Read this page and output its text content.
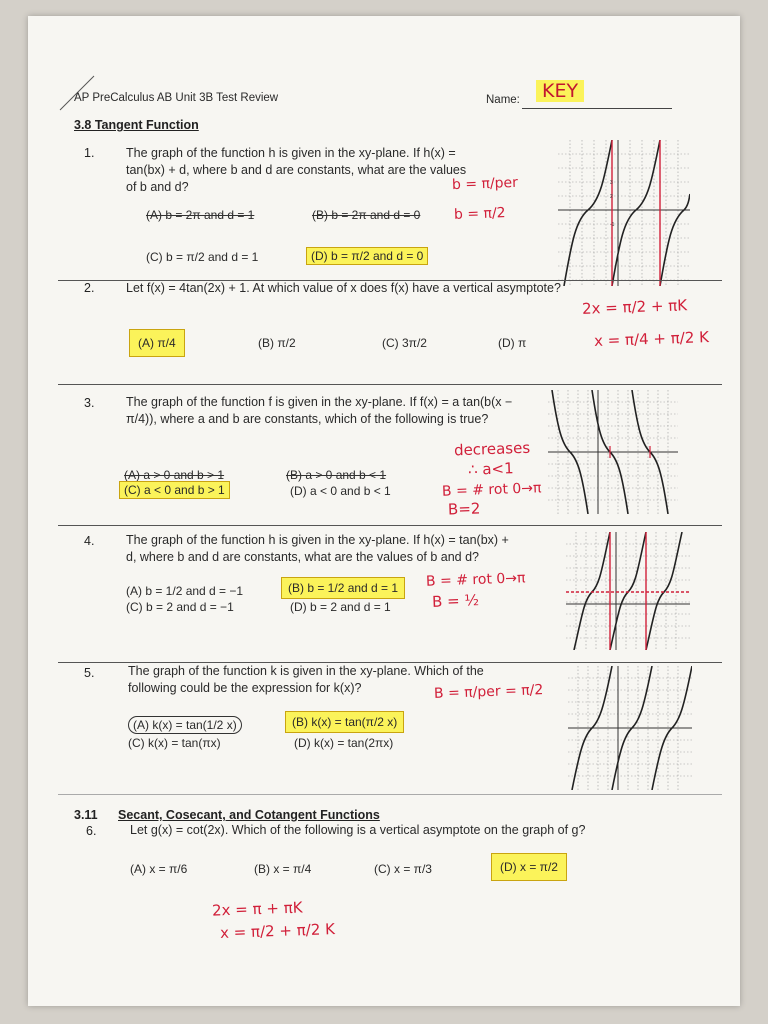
AP PreCalculus AB Unit 3B Test Review	Name:	KEY
3.8 Tangent Function
1.	The graph of the function h is given in the xy-plane. If h(x) = tan(bx) + d, where b and d are constants, what are the values of b and d?
(A) b = 2π and d = 1	(B) b = 2π and d = 0
(C) b = π/2 and d = 1	(D) b = π/2 and d = 0
b = π/per
b = π/2
3
2
-1
2.	Let f(x) = 4tan(2x) + 1. At which value of x does f(x) have a vertical asymptote?
(A) π/4	(B) π/2	(C) 3π/2	(D) π
2x = π/2 + πK
x = π/4 + π/2 K
3.	The graph of the function f is given in the xy-plane. If f(x) = a tan(b(x − π/4)), where a and b are constants, which of the following is true?
(A) a > 0 and b > 1	(B) a > 0 and b < 1
(C) a < 0 and b > 1	(D) a < 0 and b < 1
decreases
∴ a<1
B = # rot 0→π
B=2
4.	The graph of the function h is given in the xy-plane. If h(x) = tan(bx) + d, where b and d are constants, what are the values of b and d?
(A) b = 1/2 and d = −1	(B) b = 1/2 and d = 1
(C) b = 2 and d = −1	(D) b = 2 and d = 1
B = # rot 0→π
B = ½
5.	The graph of the function k is given in the xy-plane. Which of the following could be the expression for k(x)?
(A) k(x) = tan(1/2 x)	(B) k(x) = tan(π/2 x)
(C) k(x) = tan(πx)	(D) k(x) = tan(2πx)
B = π/per = π/2
3.11 Secant, Cosecant, and Cotangent Functions
6.	Let g(x) = cot(2x). Which of the following is a vertical asymptote on the graph of g?
(A) x = π/6	(B) x = π/4	(C) x = π/3	(D) x = π/2
2x = π + πK
x = π/2 + π/2 K
